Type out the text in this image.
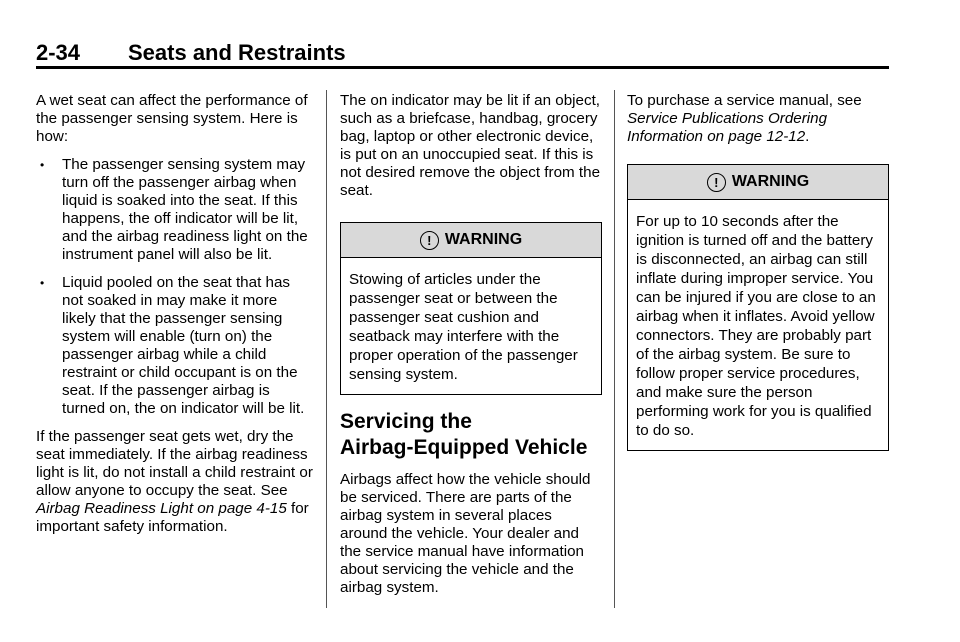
2-34 Seats and Restraints

A wet seat can affect the performance of the passenger sensing system. Here is how:

• The passenger sensing system may turn off the passenger airbag when liquid is soaked into the seat. If this happens, the off indicator will be lit, and the airbag readiness light on the instrument panel will also be lit.
• Liquid pooled on the seat that has not soaked in may make it more likely that the passenger sensing system will enable (turn on) the passenger airbag while a child restraint or child occupant is on the seat. If the passenger airbag is turned on, the on indicator will be lit.

If the passenger seat gets wet, dry the seat immediately. If the airbag readiness light is lit, do not install a child restraint or allow anyone to occupy the seat. See Airbag Readiness Light on page 4-15 for important safety information.

The on indicator may be lit if an object, such as a briefcase, handbag, grocery bag, laptop or other electronic device, is put on an unoccupied seat. If this is not desired remove the object from the seat.

! WARNING
Stowing of articles under the passenger seat or between the passenger seat cushion and seatback may interfere with the proper operation of the passenger sensing system.
Servicing the
Airbag-Equipped Vehicle

Airbags affect how the vehicle should be serviced. There are parts of the airbag system in several places around the vehicle. Your dealer and the service manual have information about servicing the vehicle and the airbag system.

To purchase a service manual, see Service Publications Ordering Information on page 12-12.

! WARNING
For up to 10 seconds after the ignition is turned off and the battery is disconnected, an airbag can still inflate during improper service. You can be injured if you are close to an airbag when it inflates. Avoid yellow connectors. They are probably part of the airbag system. Be sure to follow proper service procedures, and make sure the person performing work for you is qualified to do so.
